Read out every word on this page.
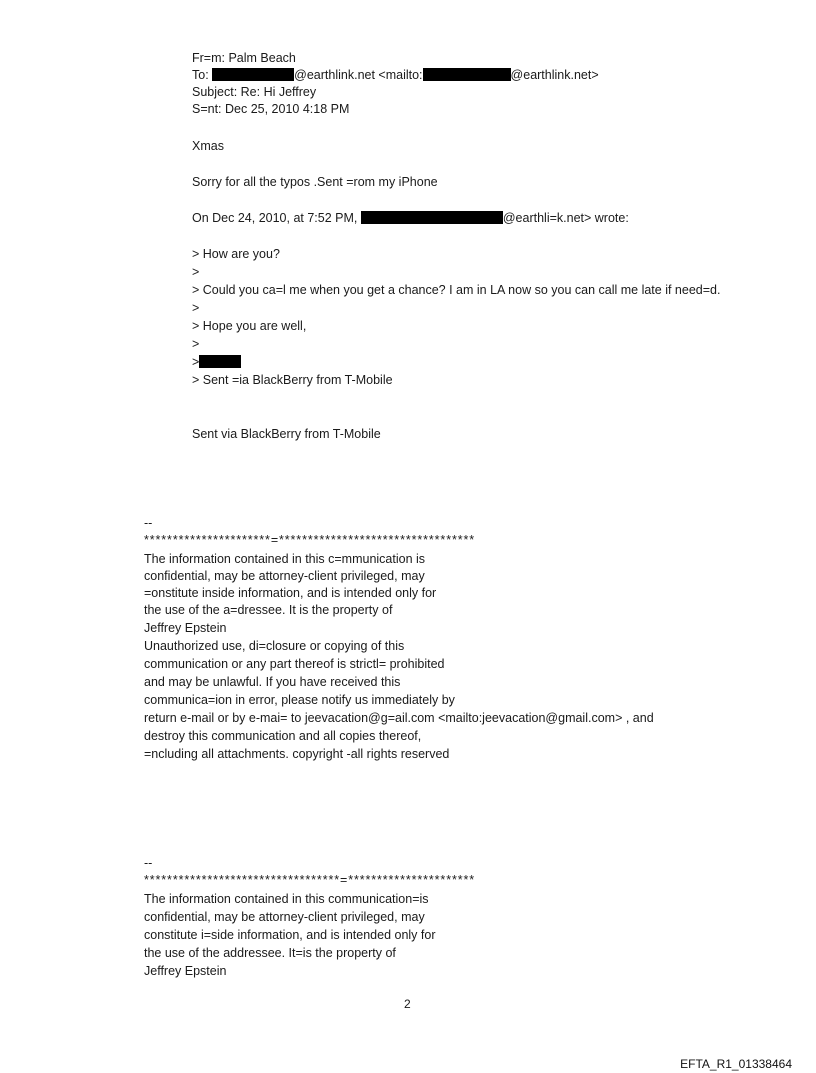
Fr=m: Palm Beach
To:	@earthlink.net <mailto:	@earthlink.net>
Subject: Re: Hi Jeffrey
S=nt: Dec 25, 2010 4:18 PM
Xmas
Sorry for all the typos .Sent =rom my iPhone
On Dec 24, 2010, at 7:52 PM,	@earthli=k.net> wrote:
> How are you?
>
> Could you ca=l me when you get a chance? I am in LA now so you can call me late if need=d.
>
> Hope you are well,
>
>
> Sent =ia BlackBerry from T-Mobile
Sent via BlackBerry from T-Mobile
--
**********************=**********************************
The information contained in this c=mmunication is
confidential, may be attorney-client privileged, may
=onstitute inside information, and is intended only for
the use of the a=dressee. It is the property of
Jeffrey Epstein
Unauthorized use, di=closure or copying of this
communication or any part thereof is strictl= prohibited
and may be unlawful. If you have received this
communica=ion in error, please notify us immediately by
return e-mail or by e-mai= to jeevacation@g=ail.com <mailto:jeevacation@gmail.com> , and
destroy this communication and all copies thereof,
=ncluding all attachments. copyright -all rights reserved
--
**********************************=**********************
The information contained in this communication=is
confidential, may be attorney-client privileged, may
constitute i=side information, and is intended only for
the use of the addressee. It=is the property of
Jeffrey Epstein
2
EFTA_R1_01338464
